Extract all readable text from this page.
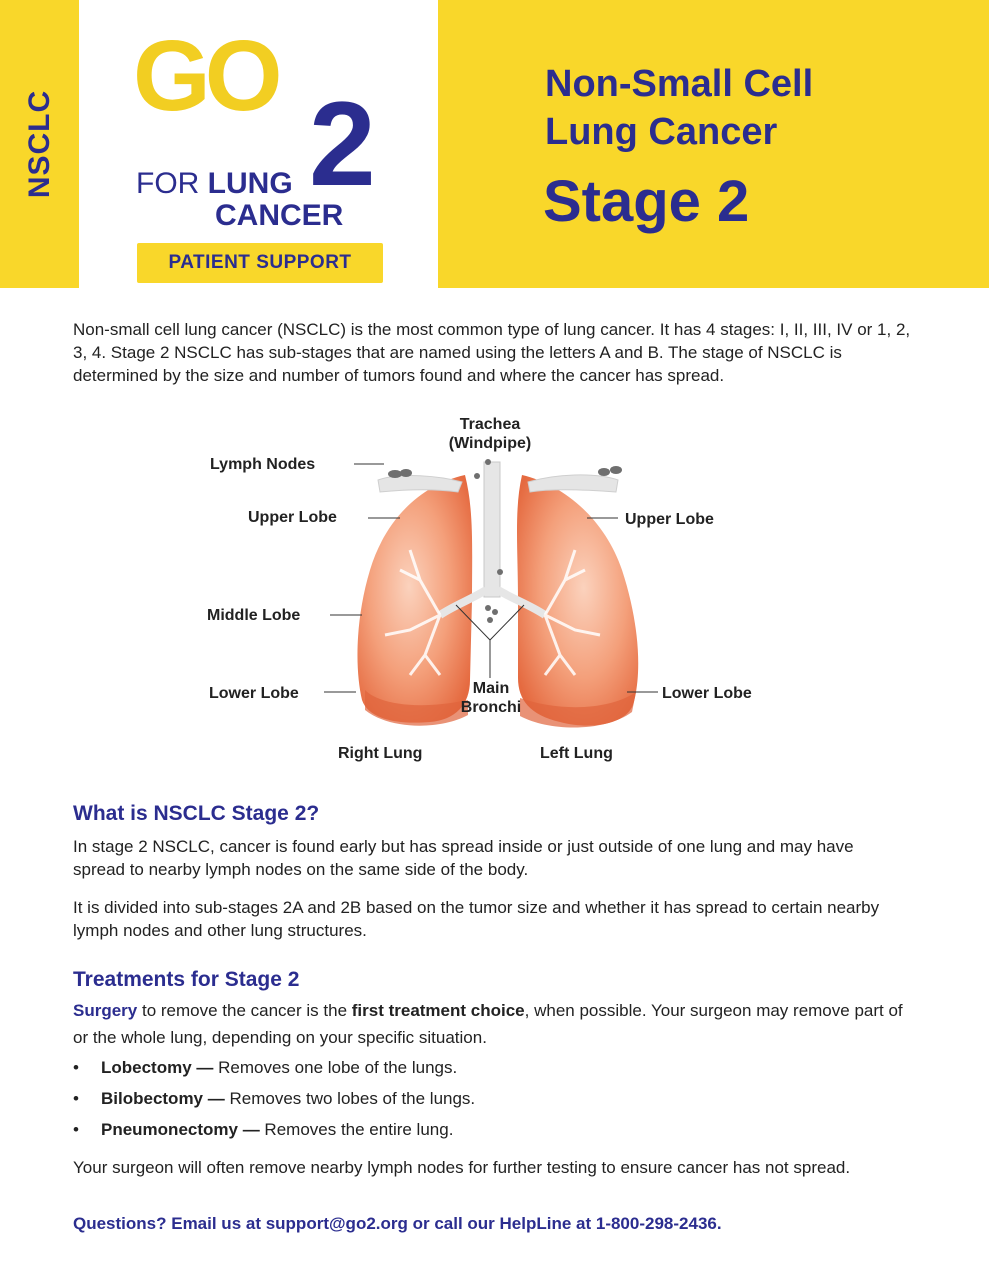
NSCLC
GO
2
FOR LUNG
CANCER
PATIENT SUPPORT
Non-Small Cell
Lung Cancer
Stage 2
Non-small cell lung cancer (NSCLC) is the most common type of lung cancer. It has 4 stages: I, II, III, IV or 1, 2, 3, 4. Stage 2 NSCLC has sub-stages that are named using the letters A and B. The stage of NSCLC is determined by the size and number of tumors found and where the cancer has spread.
Trachea
(Windpipe)
Lymph Nodes
Upper Lobe	Upper Lobe
Middle Lobe
Lower Lobe	Lower Lobe
Main
Bronchi
Right Lung	Left Lung
What is NSCLC Stage 2?
In stage 2 NSCLC, cancer is found early but has spread inside or just outside of one lung and may have spread to nearby lymph nodes on the same side of the body.
It is divided into sub-stages 2A and 2B based on the tumor size and whether it has spread to certain nearby lymph nodes and other lung structures.
Treatments for Stage 2
Surgery to remove the cancer is the first treatment choice, when possible. Your surgeon may remove part of or the whole lung, depending on your specific situation.
• Lobectomy — Removes one lobe of the lungs.
• Bilobectomy — Removes two lobes of the lungs.
• Pneumonectomy — Removes the entire lung.
Your surgeon will often remove nearby lymph nodes for further testing to ensure cancer has not spread.
Questions? Email us at support@go2.org or call our HelpLine at 1-800-298-2436.
